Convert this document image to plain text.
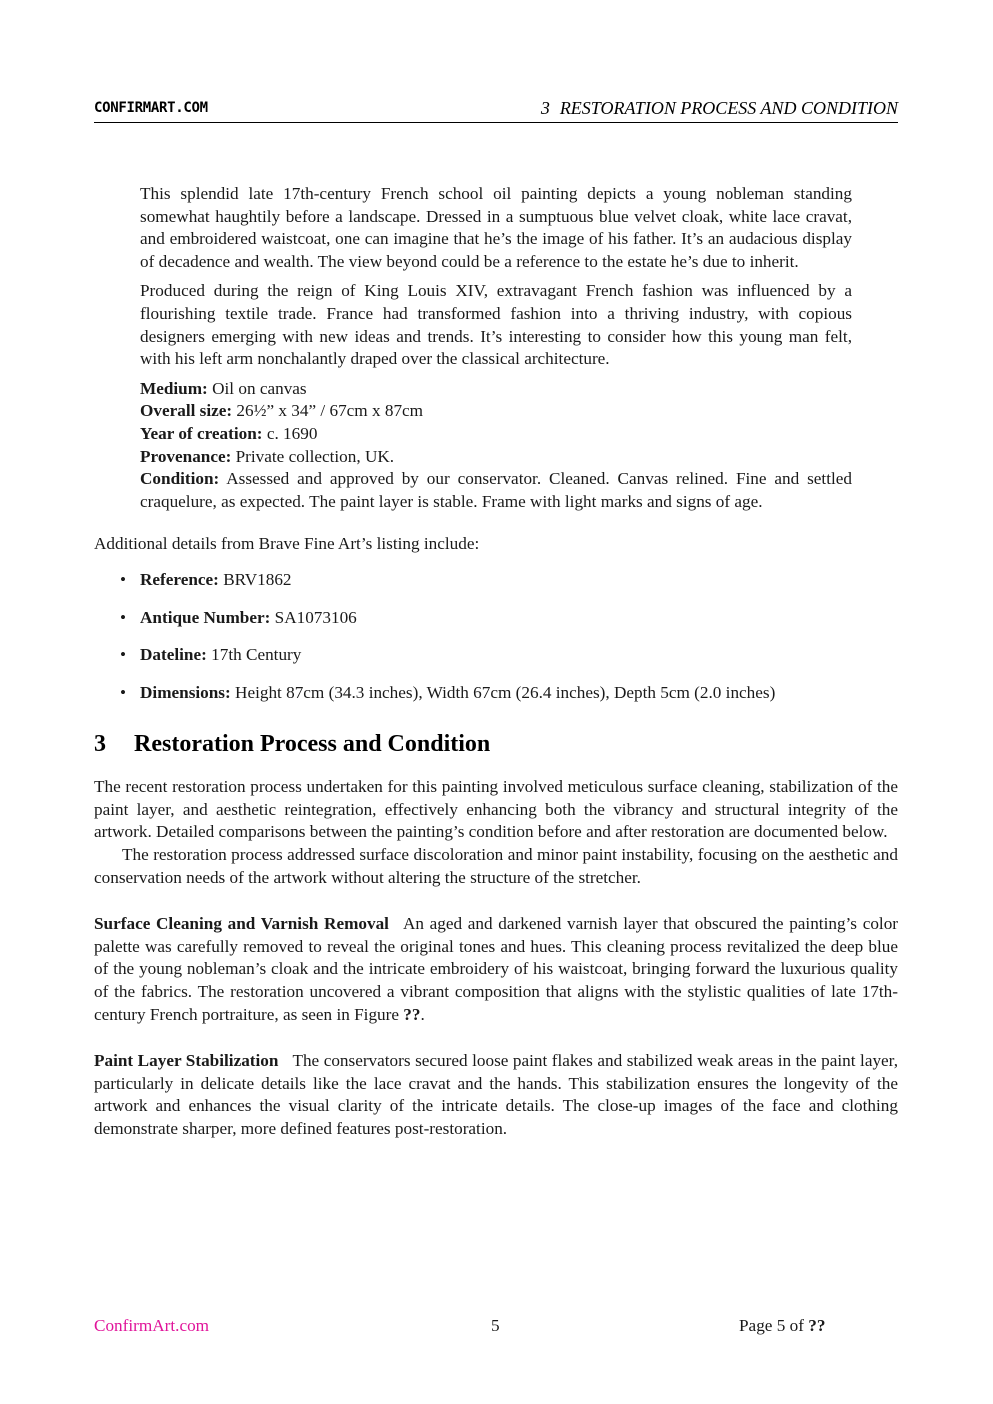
CONFIRMART.COM	3 RESTORATION PROCESS AND CONDITION

This splendid late 17th-century French school oil painting depicts a young nobleman standing somewhat haughtily before a landscape. Dressed in a sumptuous blue velvet cloak, white lace cravat, and embroidered waistcoat, one can imagine that he’s the image of his father. It’s an audacious display of decadence and wealth. The view beyond could be a reference to the estate he’s due to inherit.

Produced during the reign of King Louis XIV, extravagant French fashion was influenced by a flourishing textile trade. France had transformed fashion into a thriving industry, with copious designers emerging with new ideas and trends. It’s interesting to consider how this young man felt, with his left arm nonchalantly draped over the classical architecture.

Medium: Oil on canvas
Overall size: 26½” x 34” / 67cm x 87cm
Year of creation: c. 1690
Provenance: Private collection, UK.
Condition: Assessed and approved by our conservator. Cleaned. Canvas relined. Fine and settled craquelure, as expected. The paint layer is stable. Frame with light marks and signs of age.

Additional details from Brave Fine Art’s listing include:

• Reference: BRV1862
• Antique Number: SA1073106
• Dateline: 17th Century
• Dimensions: Height 87cm (34.3 inches), Width 67cm (26.4 inches), Depth 5cm (2.0 inches)
3 Restoration Process and Condition

The recent restoration process undertaken for this painting involved meticulous surface cleaning, stabilization of the paint layer, and aesthetic reintegration, effectively enhancing both the vibrancy and structural integrity of the artwork. Detailed comparisons between the painting’s condition before and after restoration are documented below.

The restoration process addressed surface discoloration and minor paint instability, focusing on the aesthetic and conservation needs of the artwork without altering the structure of the stretcher.

Surface Cleaning and Varnish Removal An aged and darkened varnish layer that obscured the painting’s color palette was carefully removed to reveal the original tones and hues. This cleaning process revitalized the deep blue of the young nobleman’s cloak and the intricate embroidery of his waistcoat, bringing forward the luxurious quality of the fabrics. The restoration uncovered a vibrant composition that aligns with the stylistic qualities of late 17th-century French portraiture, as seen in Figure ??.

Paint Layer Stabilization The conservators secured loose paint flakes and stabilized weak areas in the paint layer, particularly in delicate details like the lace cravat and the hands. This stabilization ensures the longevity of the artwork and enhances the visual clarity of the intricate details. The close-up images of the face and clothing demonstrate sharper, more defined features post-restoration.

ConfirmArt.com	5	Page 5 of ??
